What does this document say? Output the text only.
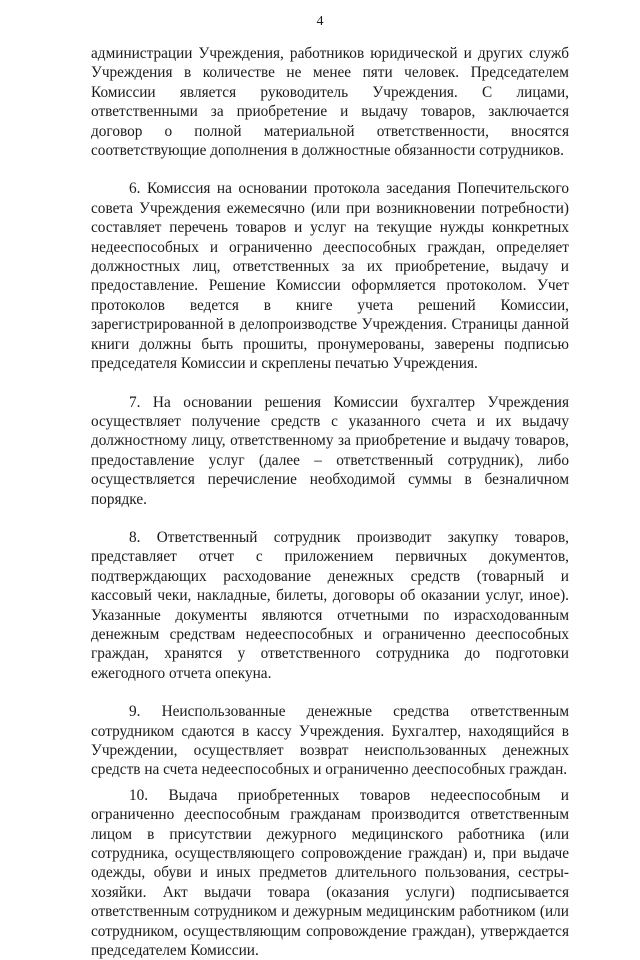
4

администрации Учреждения, работников юридической и других служб Учреждения в количестве не менее пяти человек. Председателем Комиссии является руководитель Учреждения. С лицами, ответственными за приобретение и выдачу товаров, заключается договор о полной материальной ответственности, вносятся соответствующие дополнения в должностные обязанности сотрудников.

6. Комиссия на основании протокола заседания Попечительского совета Учреждения ежемесячно (или при возникновении потребности) составляет перечень товаров и услуг на текущие нужды конкретных недееспособных и ограниченно дееспособных граждан, определяет должностных лиц, ответственных за их приобретение, выдачу и предоставление. Решение Комиссии оформляется протоколом. Учет протоколов ведется в книге учета решений Комиссии, зарегистрированной в делопроизводстве Учреждения. Страницы данной книги должны быть прошиты, пронумерованы, заверены подписью председателя Комиссии и скреплены печатью Учреждения.

7. На основании решения Комиссии бухгалтер Учреждения осуществляет получение средств с указанного счета и их выдачу должностному лицу, ответственному за приобретение и выдачу товаров, предоставление услуг (далее – ответственный сотрудник), либо осуществляется перечисление необходимой суммы в безналичном порядке.

8. Ответственный сотрудник производит закупку товаров, представляет отчет с приложением первичных документов, подтверждающих расходование денежных средств (товарный и кассовый чеки, накладные, билеты, договоры об оказании услуг, иное). Указанные документы являются отчетными по израсходованным денежным средствам недееспособных и ограниченно дееспособных граждан, хранятся у ответственного сотрудника до подготовки ежегодного отчета опекуна.

9. Неиспользованные денежные средства ответственным сотрудником сдаются в кассу Учреждения. Бухгалтер, находящийся в Учреждении, осуществляет возврат неиспользованных денежных средств на счета недееспособных и ограниченно дееспособных граждан.

10. Выдача приобретенных товаров недееспособным и ограниченно дееспособным гражданам производится ответственным лицом в присутствии дежурного медицинского работника (или сотрудника, осуществляющего сопровождение граждан) и, при выдаче одежды, обуви и иных предметов длительного пользования, сестры-хозяйки. Акт выдачи товара (оказания услуги) подписывается ответственным сотрудником и дежурным медицинским работником (или сотрудником, осуществляющим сопровождение граждан), утверждается председателем Комиссии.
